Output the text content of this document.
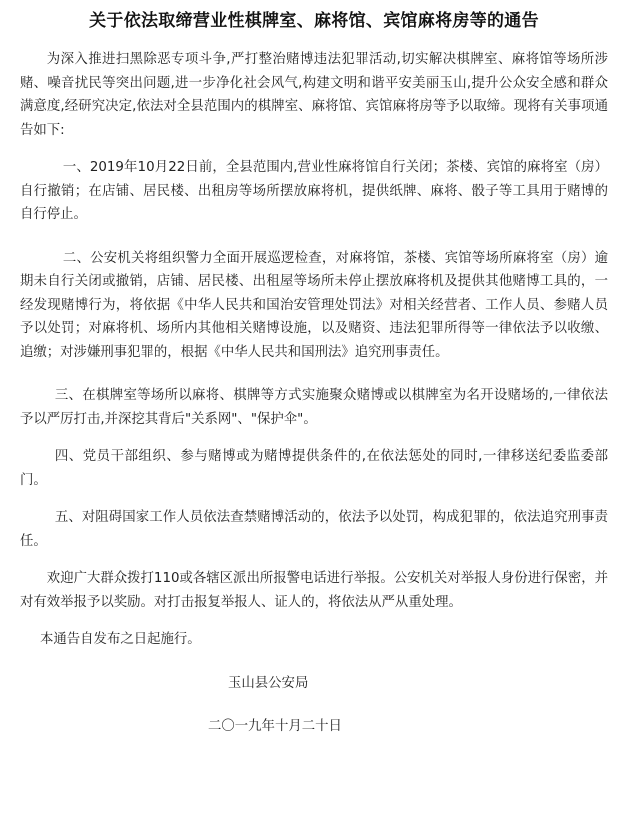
关于依法取缔营业性棋牌室、麻将馆、宾馆麻将房等的通告

为深入推进扫黑除恶专项斗争,严打整治赌博违法犯罪活动,切实解决棋牌室、麻将馆等场所涉赌、噪音扰民等突出问题,进一步净化社会风气,构建文明和谐平安美丽玉山,提升公众安全感和群众满意度,经研究决定,依法对全县范围内的棋牌室、麻将馆、宾馆麻将房等予以取缔。现将有关事项通告如下:

一、2019年10月22日前，全县范围内,营业性麻将馆自行关闭；茶楼、宾馆的麻将室（房）自行撤销；在店铺、居民楼、出租房等场所摆放麻将机，提供纸牌、麻将、骰子等工具用于赌博的自行停止。

二、公安机关将组织警力全面开展巡逻检查，对麻将馆，茶楼、宾馆等场所麻将室（房）逾期未自行关闭或撤销，店铺、居民楼、出租屋等场所未停止摆放麻将机及提供其他赌博工具的，一经发现赌博行为，将依据《中华人民共和国治安管理处罚法》对相关经营者、工作人员、参赌人员予以处罚；对麻将机、场所内其他相关赌博设施，以及赌资、违法犯罪所得等一律依法予以收缴、追缴；对涉嫌刑事犯罪的，根据《中华人民共和国刑法》追究刑事责任。

三、在棋牌室等场所以麻将、棋牌等方式实施聚众赌博或以棋牌室为名开设赌场的,一律依法予以严厉打击,并深挖其背后"关系网"、"保护伞"。

四、党员干部组织、参与赌博或为赌博提供条件的,在依法惩处的同时,一律移送纪委监委部门。

五、对阻碍国家工作人员依法查禁赌博活动的，依法予以处罚，构成犯罪的，依法追究刑事责任。

欢迎广大群众拨打110或各辖区派出所报警电话进行举报。公安机关对举报人身份进行保密，并对有效举报予以奖励。对打击报复举报人、证人的，将依法从严从重处理。

本通告自发布之日起施行。

玉山县公安局

二〇一九年十月二十日
